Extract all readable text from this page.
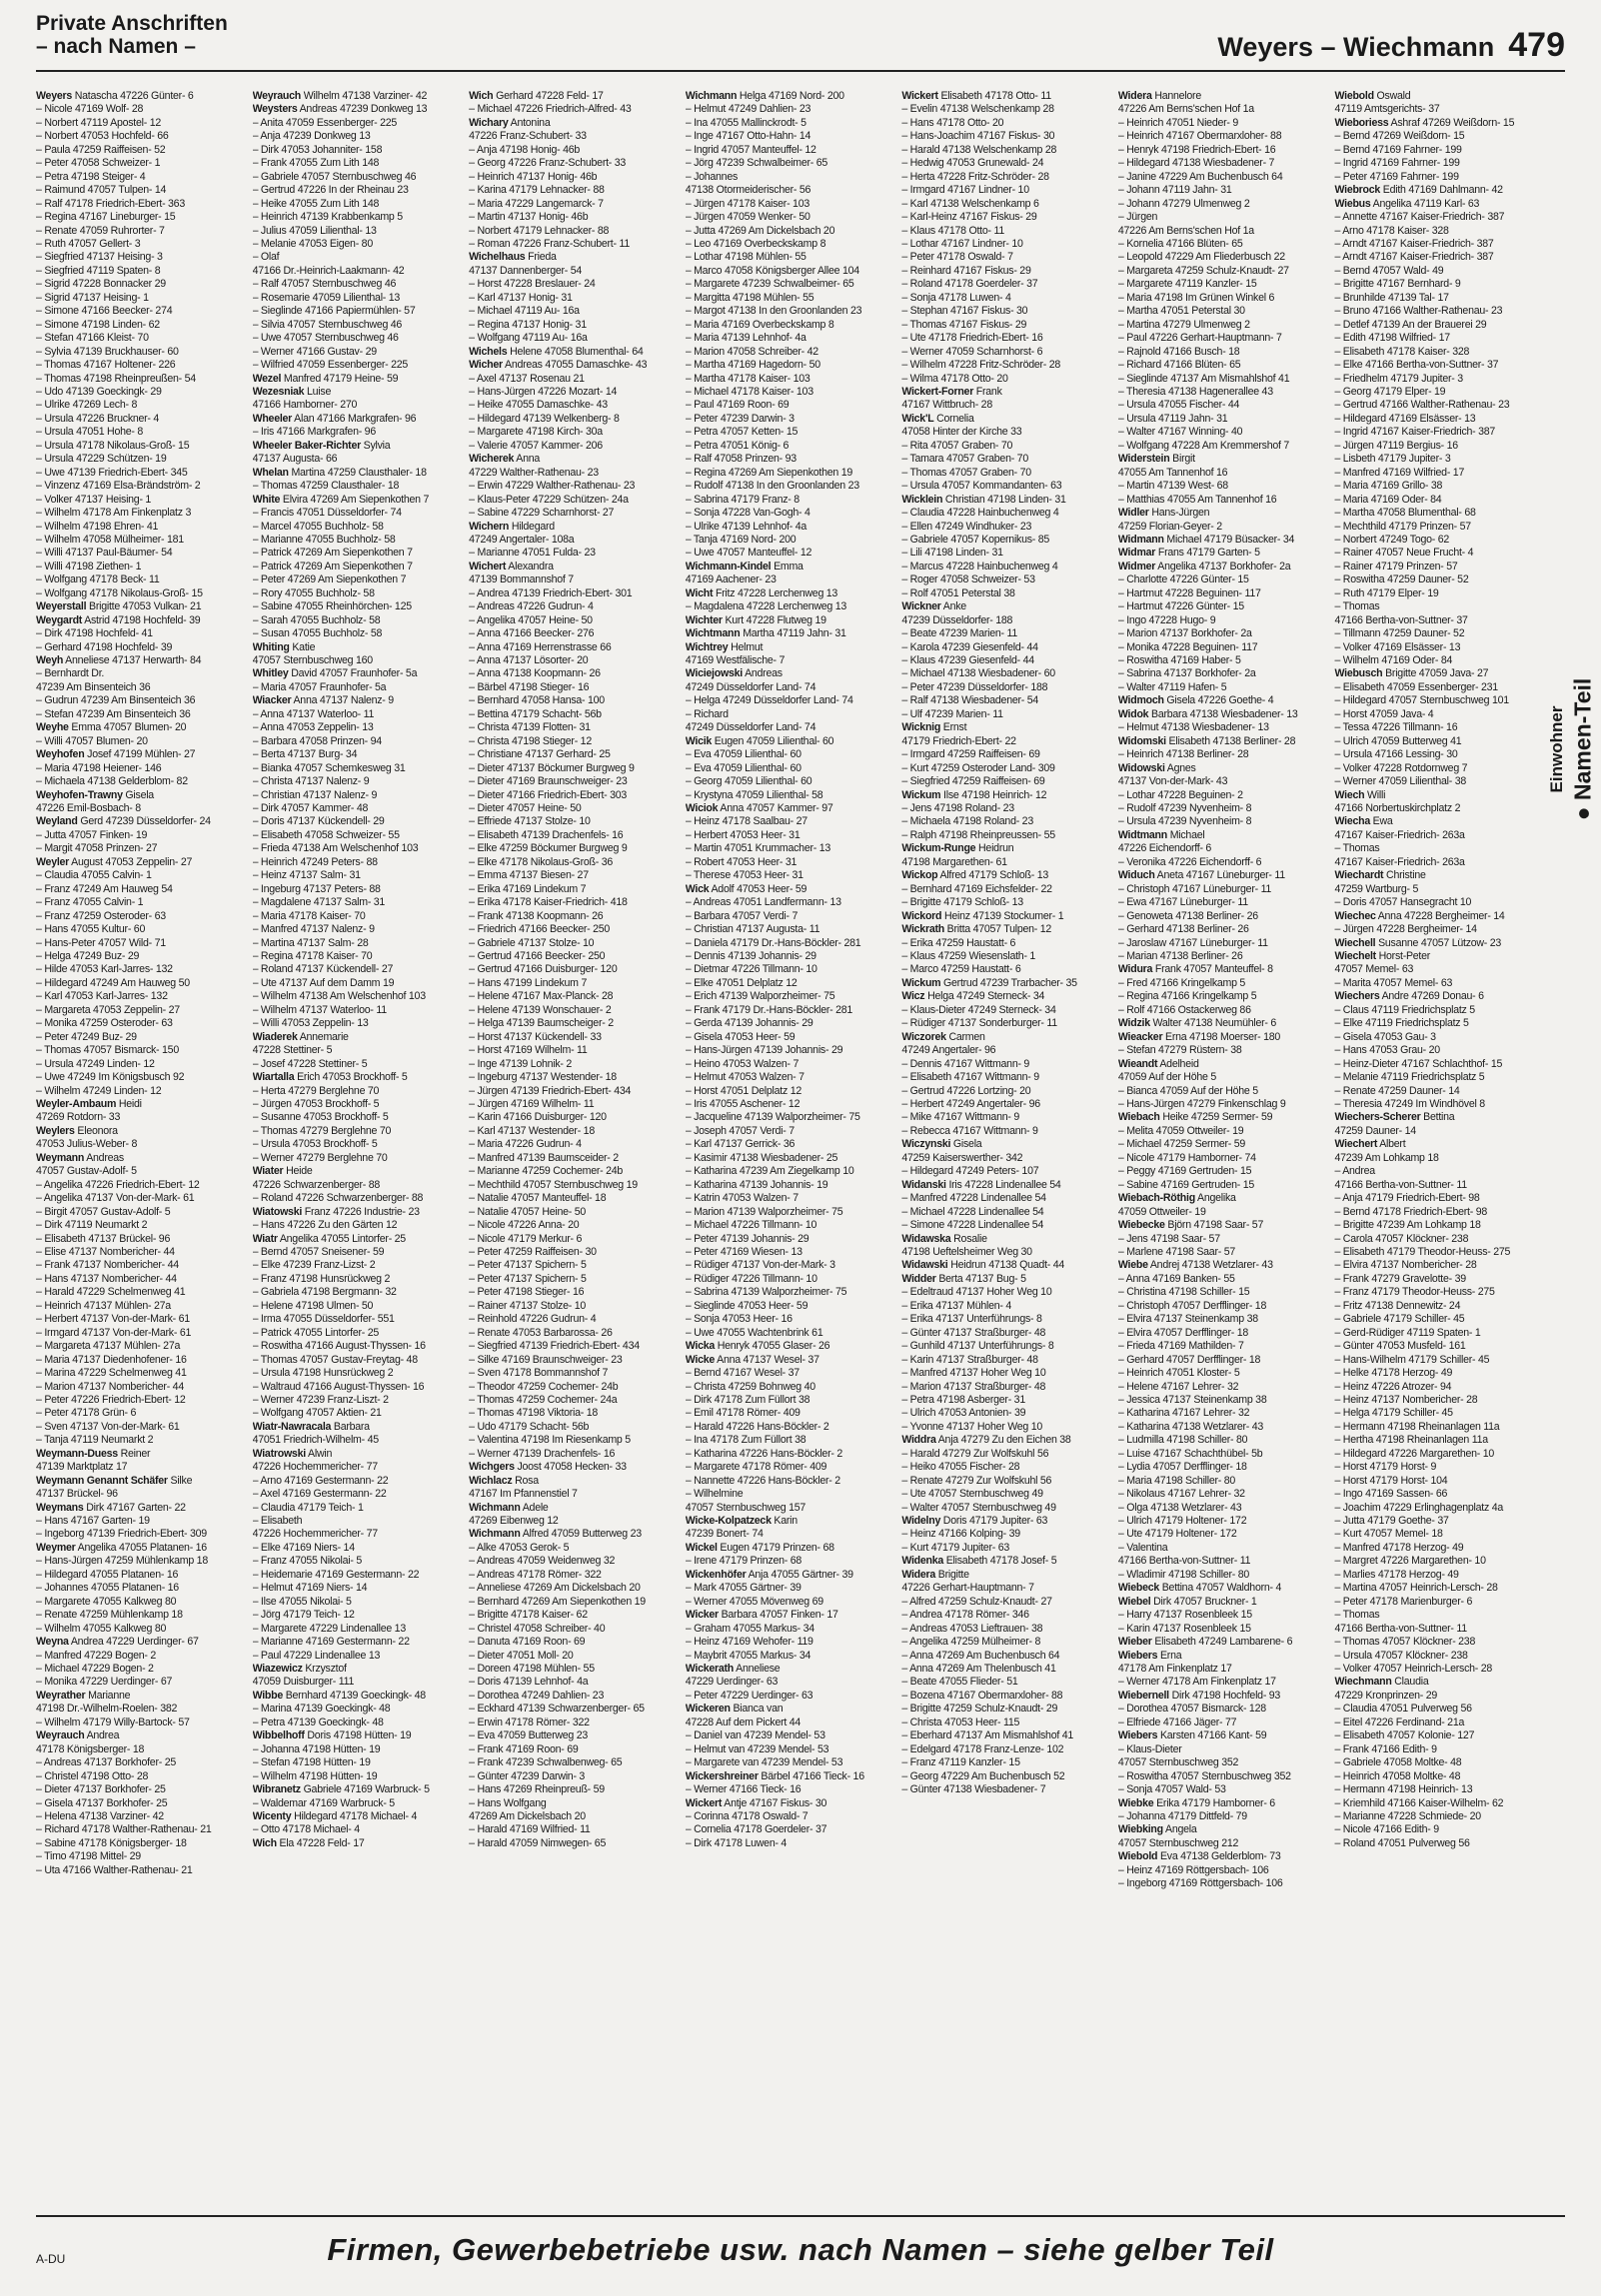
Private Anschriften
– nach Namen –	Weyers – Wiechmann 479
Weyers Natascha 47226 Günter- 6
– Nicole 47169 Wolf- 28
– Norbert 47119 Apostel- 12
– Norbert 47053 Hochfeld- 66
– Paula 47259 Raiffeisen- 52
– Peter 47058 Schweizer- 1
– Petra 47198 Steiger- 4
– Raimund 47057 Tulpen- 14
– Ralf 47178 Friedrich-Ebert- 363
– Regina 47167 Lineburger- 15
– Renate 47059 Ruhrorter- 7
– Ruth 47057 Gellert- 3
– Siegfried 47137 Heising- 3
– Siegfried 47119 Spaten- 8
– Sigrid 47228 Bonnacker 29
– Sigrid 47137 Heising- 1
– Simone 47166 Beecker- 274
– Simone 47198 Linden- 62
– Stefan 47166 Kleist- 70
– Sylvia 47139 Bruckhauser- 60
– Thomas 47167 Holtener- 226
– Thomas 47198 Rheinpreußen- 54
– Udo 47139 Goeckingk- 29
– Ulrike 47269 Lech- 8
– Ursula 47226 Bruckner- 4
– Ursula 47051 Hohe- 8
– Ursula 47178 Nikolaus-Groß- 15
– Ursula 47229 Schützen- 19
– Uwe 47139 Friedrich-Ebert- 345
– Vinzenz 47169 Elsa-Brändström- 2
– Volker 47137 Heising- 1
– Wilhelm 47178 Am Finkenplatz 3
– Wilhelm 47198 Ehren- 41
– Wilhelm 47058 Mülheimer- 181
– Willi 47137 Paul-Bäumer- 54
– Willi 47198 Ziethen- 1
– Wolfgang 47178 Beck- 11
– Wolfgang 47178 Nikolaus-Groß- 15
Weyerstall Brigitte 47053 Vulkan- 21
Weygardt Astrid 47198 Hochfeld- 39
– Dirk 47198 Hochfeld- 41
– Gerhard 47198 Hochfeld- 39
Weyh Anneliese 47137 Herwarth- 84
– Bernhardt Dr.
47239 Am Binsenteich 36
– Gudrun 47239 Am Binsenteich 36
– Stefan 47239 Am Binsenteich 36
Weyhe Emma 47057 Blumen- 20
– Willi 47057 Blumen- 20
Weyhofen Josef 47199 Mühlen- 27
– Maria 47198 Heiener- 146
– Michaela 47138 Gelderblom- 82
Weyhofen-Trawny Gisela
47226 Emil-Bosbach- 8
Weyland Gerd 47239 Düsseldorfer- 24
– Jutta 47057 Finken- 19
– Margit 47058 Prinzen- 27
Weyler August 47053 Zeppelin- 27
– Claudia 47055 Calvin- 1
– Franz 47249 Am Hauweg 54
– Franz 47055 Calvin- 1
– Franz 47259 Osteroder- 63
– Hans 47055 Kultur- 60
– Hans-Peter 47057 Wild- 71
– Helga 47249 Buz- 29
– Hilde 47053 Karl-Jarres- 132
– Hildegard 47249 Am Hauweg 50
– Karl 47053 Karl-Jarres- 132
– Margareta 47053 Zeppelin- 27
– Monika 47259 Osteroder- 63
– Peter 47249 Buz- 29
– Thomas 47057 Bismarck- 150
– Ursula 47249 Linden- 12
– Uwe 47249 Im Königsbusch 92
– Wilhelm 47249 Linden- 12
Weyler-Ambaum Heidi
47269 Rotdorn- 33
Weylers Eleonora
47053 Julius-Weber- 8
Weymann Andreas
47057 Gustav-Adolf- 5
– Angelika 47226 Friedrich-Ebert- 12
– Angelika 47137 Von-der-Mark- 61
– Birgit 47057 Gustav-Adolf- 5
– Dirk 47119 Neumarkt 2
– Elisabeth 47137 Brückel- 96
– Elise 47137 Nombericher- 44
– Frank 47137 Nombericher- 44
– Hans 47137 Nombericher- 44
– Harald 47229 Schelmenweg 41
– Heinrich 47137 Mühlen- 27a
– Herbert 47137 Von-der-Mark- 61
– Irmgard 47137 Von-der-Mark- 61
– Margareta 47137 Mühlen- 27a
– Maria 47137 Diedenhofener- 16
– Marina 47229 Schelmenweg 41
– Marion 47137 Nombericher- 44
– Peter 47226 Friedrich-Ebert- 12
– Peter 47178 Grün- 6
– Sven 47137 Von-der-Mark- 61
– Tanja 47119 Neumarkt 2
Weymann-Duess Reiner
47139 Marktplatz 17
Weymann Genannt Schäfer Silke
47137 Brückel- 96
Weymans Dirk 47167 Garten- 22
– Hans 47167 Garten- 19
– Ingeborg 47139 Friedrich-Ebert- 309
Weymer Angelika 47055 Platanen- 16
– Hans-Jürgen 47259 Mühlenkamp 18
– Hildegard 47055 Platanen- 16
– Johannes 47055 Platanen- 16
– Margarete 47055 Kalkweg 80
– Renate 47259 Mühlenkamp 18
– Wilhelm 47055 Kalkweg 80
Weyna Andrea 47229 Uerdinger- 67
– Manfred 47229 Bogen- 2
– Michael 47229 Bogen- 2
– Monika 47229 Uerdinger- 67
Weyrather Marianne
47198 Dr.-Wilhelm-Roelen- 382
– Wilhelm 47179 Willy-Bartock- 57
Weyrauch Andrea
47178 Königsberger- 18
– Andreas 47137 Borkhofer- 25
– Christel 47198 Otto- 28
– Dieter 47137 Borkhofer- 25
– Gisela 47137 Borkhofer- 25
– Helena 47138 Varziner- 42
– Richard 47178 Walther-Rathenau- 21
– Sabine 47178 Königsberger- 18
– Timo 47198 Mittel- 29
– Uta 47166 Walther-Rathenau- 21
Weyrauch Wilhelm 47138 Varziner- 42
Weysters Andreas 47239 Donkweg 13
– Anita 47059 Essenberger- 225
– Anja 47239 Donkweg 13
– Dirk 47053 Johanniter- 158
– Frank 47055 Zum Lith 148
– Gabriele 47057 Sternbuschweg 46
– Gertrud 47226 In der Rheinau 23
– Heike 47055 Zum Lith 148
– Heinrich 47139 Krabbenkamp 5
– Julius 47059 Lilienthal- 13
– Melanie 47053 Eigen- 80
– Olaf
47166 Dr.-Heinrich-Laakmann- 42
– Ralf 47057 Sternbuschweg 46
– Rosemarie 47059 Lilienthal- 13
– Sieglinde 47166 Papiermühlen- 57
– Silvia 47057 Sternbuschweg 46
– Uwe 47057 Sternbuschweg 46
– Werner 47166 Gustav- 29
– Wilfried 47059 Essenberger- 225
Wezel Manfred 47179 Heine- 59
Wezesniak Luise
47166 Hamborner- 270
Wheeler Alan 47166 Markgrafen- 96
– Iris 47166 Markgrafen- 96
Wheeler Baker-Richter Sylvia
47137 Augusta- 66
Whelan Martina 47259 Clausthaler- 18
– Thomas 47259 Clausthaler- 18
White Elvira 47269 Am Siepenkothen 7
– Francis 47051 Düsseldorfer- 74
– Marcel 47055 Buchholz- 58
– Marianne 47055 Buchholz- 58
– Patrick 47269 Am Siepenkothen 7
– Patrick 47269 Am Siepenkothen 7
– Peter 47269 Am Siepenkothen 7
– Rory 47055 Buchholz- 58
– Sabine 47055 Rheinhörchen- 125
– Sarah 47055 Buchholz- 58
– Susan 47055 Buchholz- 58
Whiting Katie
47057 Sternbuschweg 160
Whitley David 47057 Fraunhofer- 5a
– Maria 47057 Fraunhofer- 5a
Wiacker Anna 47137 Nalenz- 9
– Anna 47137 Waterloo- 11
– Anna 47053 Zeppelin- 13
– Barbara 47058 Prinzen- 94
– Berta 47137 Burg- 34
– Bianka 47057 Schemkesweg 31
– Christa 47137 Nalenz- 9
– Christian 47137 Nalenz- 9
– Dirk 47057 Kammer- 48
– Doris 47137 Kückendell- 29
– Elisabeth 47058 Schweizer- 55
– Frieda 47138 Am Welschenhof 103
– Heinrich 47249 Peters- 88
– Heinz 47137 Salm- 31
– Ingeburg 47137 Peters- 88
– Magdalene 47137 Salm- 31
– Maria 47178 Kaiser- 70
– Manfred 47137 Nalenz- 9
– Martina 47137 Salm- 28
– Regina 47178 Kaiser- 70
– Roland 47137 Kückendell- 27
– Ute 47137 Auf dem Damm 19
– Wilhelm 47138 Am Welschenhof 103
– Wilhelm 47137 Waterloo- 11
– Willi 47053 Zeppelin- 13
Wiaderek Annemarie
47228 Stettiner- 5
– Josef 47228 Stettiner- 5
Wiartalla Erich 47053 Brockhoff- 5
– Herta 47279 Berglehne 70
– Jürgen 47053 Brockhoff- 5
– Susanne 47053 Brockhoff- 5
– Thomas 47279 Berglehne 70
– Ursula 47053 Brockhoff- 5
– Werner 47279 Berglehne 70
Wiater Heide
47226 Schwarzenberger- 88
– Roland 47226 Schwarzenberger- 88
Wiatowski Franz 47226 Industrie- 23
– Hans 47226 Zu den Gärten 12
Wiatr Angelika 47055 Lintorfer- 25
– Bernd 47057 Sneisener- 59
– Elke 47239 Franz-Lizst- 2
– Franz 47198 Hunsrückweg 2
– Gabriela 47198 Bergmann- 32
– Helene 47198 Ulmen- 50
– Irma 47055 Düsseldorfer- 551
– Patrick 47055 Lintorfer- 25
– Roswitha 47166 August-Thyssen- 16
– Thomas 47057 Gustav-Freytag- 48
– Ursula 47198 Hunsrückweg 2
– Waltraud 47166 August-Thyssen- 16
– Werner 47239 Franz-Liszt- 2
– Wolfgang 47057 Aktien- 21
Wiatr-Nawracala Barbara
47051 Friedrich-Wilhelm- 45
Wiatrowski Alwin
47226 Hochemmericher- 77
– Arno 47169 Gestermann- 22
– Axel 47169 Gestermann- 22
– Claudia 47179 Teich- 1
– Elisabeth
47226 Hochemmericher- 77
– Elke 47169 Niers- 14
– Franz 47055 Nikolai- 5
– Heidemarie 47169 Gestermann- 22
– Helmut 47169 Niers- 14
– Ilse 47055 Nikolai- 5
– Jörg 47179 Teich- 12
– Margarete 47229 Lindenallee 13
– Marianne 47169 Gestermann- 22
– Paul 47229 Lindenallee 13
Wiazewicz Krzysztof
47059 Duisburger- 111
Wibbe Bernhard 47139 Goeckingk- 48
– Marina 47139 Goeckingk- 48
– Petra 47139 Goeckingk- 48
Wibbelhoff Doris 47198 Hütten- 19
– Johanna 47198 Hütten- 19
– Stefan 47198 Hütten- 19
– Wilhelm 47198 Hütten- 19
Wibranetz Gabriele 47169 Warbruck- 5
– Waldemar 47169 Warbruck- 5
Wicenty Hildegard 47178 Michael- 4
– Otto 47178 Michael- 4
Wich Ela 47228 Feld- 17
Wich Gerhard 47228 Feld- 17
– Michael 47226 Friedrich-Alfred- 43
Wichary Antonina
47226 Franz-Schubert- 33
– Anja 47198 Honig- 46b
– Georg 47226 Franz-Schubert- 33
– Heinrich 47137 Honig- 46b
– Karina 47179 Lehnacker- 88
– Maria 47229 Langemarck- 7
– Martin 47137 Honig- 46b
– Norbert 47179 Lehnacker- 88
– Roman 47226 Franz-Schubert- 11
Wichelhaus Frieda
47137 Dannenberger- 54
– Horst 47228 Breslauer- 24
– Karl 47137 Honig- 31
– Michael 47119 Au- 16a
– Regina 47137 Honig- 31
– Wolfgang 47119 Au- 16a
Wichels Helene 47058 Blumenthal- 64
Wicher Andreas 47055 Damaschke- 43
– Axel 47137 Rosenau 21
– Hans-Jürgen 47226 Mozart- 14
– Heike 47055 Damaschke- 43
– Hildegard 47139 Welkenberg- 8
– Margarete 47198 Kirch- 30a
– Valerie 47057 Kammer- 206
Wicherek Anna
47229 Walther-Rathenau- 23
– Erwin 47229 Walther-Rathenau- 23
– Klaus-Peter 47229 Schützen- 24a
– Sabine 47229 Scharnhorst- 27
Wichern Hildegard
47249 Angertaler- 108a
– Marianne 47051 Fulda- 23
Wichert Alexandra
47139 Bommannshof 7
– Andrea 47139 Friedrich-Ebert- 301
– Andreas 47226 Gudrun- 4
– Angelika 47057 Heine- 50
– Anna 47166 Beecker- 276
– Anna 47169 Herrenstrasse 66
– Anna 47137 Lösorter- 20
– Anna 47138 Koopmann- 26
– Bärbel 47198 Stieger- 16
– Bernhard 47058 Hansa- 100
– Bettina 47179 Schacht- 56b
– Christa 47139 Flotten- 31
– Christa 47198 Stieger- 12
– Christiane 47137 Gerhard- 25
– Dieter 47137 Böckumer Burgweg 9
– Dieter 47169 Braunschweiger- 23
– Dieter 47166 Friedrich-Ebert- 303
– Dieter 47057 Heine- 50
– Effriede 47137 Stolze- 10
– Elisabeth 47139 Drachenfels- 16
– Elke 47259 Böckumer Burgweg 9
– Elke 47178 Nikolaus-Groß- 36
– Emma 47137 Biesen- 27
– Erika 47169 Lindekum 7
– Erika 47178 Kaiser-Friedrich- 418
– Frank 47138 Koopmann- 26
– Friedrich 47166 Beecker- 250
– Gabriele 47137 Stolze- 10
– Gertrud 47166 Beecker- 250
– Gertrud 47166 Duisburger- 120
– Hans 47199 Lindekum 7
– Helene 47167 Max-Planck- 28
– Helene 47139 Wonschauer- 2
– Helga 47139 Baumscheiger- 2
– Horst 47137 Kückendell- 33
– Horst 47169 Wilhelm- 11
– Inge 47139 Lohnik- 2
– Ingeburg 47137 Westender- 18
– Jürgen 47139 Friedrich-Ebert- 434
– Jürgen 47169 Wilhelm- 11
– Karin 47166 Duisburger- 120
– Karl 47137 Westender- 18
– Maria 47226 Gudrun- 4
– Manfred 47139 Baumsceider- 2
– Marianne 47259 Cochemer- 24b
– Mechthild 47057 Sternbuschweg 19
– Natalie 47057 Manteuffel- 18
– Natalie 47057 Heine- 50
– Nicole 47226 Anna- 20
– Nicole 47179 Merkur- 6
– Peter 47259 Raiffeisen- 30
– Peter 47137 Spichern- 5
– Peter 47137 Spichern- 5
– Peter 47198 Stieger- 16
– Rainer 47137 Stolze- 10
– Reinhold 47226 Gudrun- 4
– Renate 47053 Barbarossa- 26
– Siegfried 47139 Friedrich-Ebert- 434
– Silke 47169 Braunschweiger- 23
– Sven 47178 Bommannshof 7
– Theodor 47259 Cochemer- 24b
– Thomas 47259 Cochemer- 24a
– Thomas 47198 Viktoria- 18
– Udo 47179 Schacht- 56b
– Valentina 47198 Im Riesenkamp 5
– Werner 47139 Drachenfels- 16
Wichgers Joost 47058 Hecken- 33
Wichlacz Rosa
47167 Im Pfannenstiel 7
Wichmann Adele
47269 Eibenweg 12
Wichmann Alfred 47059 Butterweg 23
– Alke 47053 Gerok- 5
– Andreas 47059 Weidenweg 32
– Andreas 47178 Römer- 322
– Anneliese 47269 Am Dickelsbach 20
– Bernhard 47269 Am Siepenkothen 19
– Brigitte 47178 Kaiser- 62
– Christel 47058 Schreiber- 40
– Danuta 47169 Roon- 69
– Dieter 47051 Moll- 20
– Doreen 47198 Mühlen- 55
– Doris 47139 Lehnhof- 4a
– Dorothea 47249 Dahlien- 23
– Eckhard 47139 Schwarzenberger- 65
– Erwin 47178 Römer- 322
– Eva 47059 Butterweg 23
– Frank 47169 Roon- 69
– Frank 47239 Schwalbenweg- 65
– Günter 47239 Darwin- 3
– Hans 47269 Rheinpreuß- 59
– Hans Wolfgang
47269 Am Dickelsbach 20
– Harald 47169 Wilfried- 11
– Harald 47059 Nimwegen- 65
Wichmann Helga 47169 Nord- 200
– Helmut 47249 Dahlien- 23
– Ina 47055 Mallinckrodt- 5
– Inge 47167 Otto-Hahn- 14
– Ingrid 47057 Manteuffel- 12
– Jörg 47239 Schwalbeimer- 65
– Johannes
47138 Otormeiderischer- 56
– Jürgen 47178 Kaiser- 103
– Jürgen 47059 Wenker- 50
– Jutta 47269 Am Dickelsbach 20
– Leo 47169 Overbeckskamp 8
– Lothar 47198 Mühlen- 55
– Marco 47058 Königsberger Allee 104
– Margarete 47239 Schwalbeimer- 65
– Margitta 47198 Mühlen- 55
– Margot 47138 In den Groonlanden 23
– Maria 47169 Overbeckskamp 8
– Maria 47139 Lehnhof- 4a
– Marion 47058 Schreiber- 42
– Martha 47169 Hagedorn- 50
– Martha 47178 Kaiser- 103
– Michael 47178 Kaiser- 103
– Paul 47169 Roon- 69
– Peter 47239 Darwin- 3
– Petra 47057 Ketten- 15
– Petra 47051 König- 6
– Ralf 47058 Prinzen- 93
– Regina 47269 Am Siepenkothen 19
– Rudolf 47138 In den Groonlanden 23
– Sabrina 47179 Franz- 8
– Sonja 47228 Van-Gogh- 4
– Ulrike 47139 Lehnhof- 4a
– Tanja 47169 Nord- 200
– Uwe 47057 Manteuffel- 12
Wichmann-Kindel Emma
47169 Aachener- 23
Wicht Fritz 47228 Lerchenweg 13
– Magdalena 47228 Lerchenweg 13
Wichter Kurt 47228 Flutweg 19
Wichtmann Martha 47119 Jahn- 31
Wichtrey Helmut
47169 Westfälische- 7
Wiciejowski Andreas
47249 Düsseldorfer Land- 74
– Helga 47249 Düsseldorfer Land- 74
– Richard
47249 Düsseldorfer Land- 74
Wicik Eugen 47059 Lilienthal- 60
– Eva 47059 Lilienthal- 60
– Eva 47059 Lilienthal- 60
– Georg 47059 Lilienthal- 60
– Krystyna 47059 Lilienthal- 58
Wiciok Anna 47057 Kammer- 97
– Heinz 47178 Saalbau- 27
– Herbert 47053 Heer- 31
– Martin 47051 Krummacher- 13
– Robert 47053 Heer- 31
– Therese 47053 Heer- 31
Wick Adolf 47053 Heer- 59
– Andreas 47051 Landfermann- 13
– Barbara 47057 Verdi- 7
– Christian 47137 Augusta- 11
– Daniela 47179 Dr.-Hans-Böckler- 281
– Dennis 47139 Johannis- 29
– Dietmar 47226 Tillmann- 10
– Elke 47051 Delplatz 12
– Erich 47139 Walporzheimer- 75
– Frank 47179 Dr.-Hans-Böckler- 281
– Gerda 47139 Johannis- 29
– Gisela 47053 Heer- 59
– Hans-Jürgen 47139 Johannis- 29
– Heino 47053 Walzen- 7
– Helmut 47053 Walzen- 7
– Horst 47051 Delplatz 12
– Iris 47055 Aschener- 12
– Jacqueline 47139 Walporzheimer- 75
– Joseph 47057 Verdi- 7
– Karl 47137 Gerrick- 36
– Kasimir 47138 Wiesbadener- 25
– Katharina 47239 Am Ziegelkamp 10
– Katharina 47139 Johannis- 19
– Katrin 47053 Walzen- 7
– Marion 47139 Walporzheimer- 75
– Michael 47226 Tillmann- 10
– Peter 47139 Johannis- 29
– Peter 47169 Wiesen- 13
– Rüdiger 47137 Von-der-Mark- 3
– Rüdiger 47226 Tillmann- 10
– Sabrina 47139 Walporzheimer- 75
– Sieglinde 47053 Heer- 59
– Sonja 47053 Heer- 16
– Uwe 47055 Wachtenbrink 61
Wicka Henryk 47055 Glaser- 26
Wicke Anna 47137 Wesel- 37
– Bernd 47167 Wesel- 37
– Christa 47259 Bohnweg 40
– Dirk 47178 Zum Füllort 38
– Emil 47178 Römer- 409
– Harald 47226 Hans-Böckler- 2
– Ina 47178 Zum Füllort 38
– Katharina 47226 Hans-Böckler- 2
– Margarete 47178 Römer- 409
– Nannette 47226 Hans-Böckler- 2
– Wilhelmine
47057 Sternbuschweg 157
Wicke-Kolpatzeck Karin
47239 Bonert- 74
Wickel Eugen 47179 Prinzen- 68
– Irene 47179 Prinzen- 68
Wickenhöfer Anja 47055 Gärtner- 39
– Mark 47055 Gärtner- 39
– Werner 47055 Mövenweg 69
Wicker Barbara 47057 Finken- 17
– Graham 47055 Markus- 34
– Heinz 47169 Wehofer- 119
– Maybrit 47055 Markus- 34
Wickerath Anneliese
47229 Uerdinger- 63
– Peter 47229 Uerdinger- 63
Wickeren Bianca van
47228 Auf dem Pickert 44
– Daniel van 47239 Mendel- 53
– Helmut van 47239 Mendel- 53
– Margarete van 47239 Mendel- 53
Wickershreiner Bärbel 47166 Tieck- 16
– Werner 47166 Tieck- 16
Wickert Antje 47167 Fiskus- 30
– Corinna 47178 Oswald- 7
– Cornelia 47178 Goerdeler- 37
– Dirk 47178 Luwen- 4
Wickert Elisabeth 47178 Otto- 11
– Evelin 47138 Welschenkamp 28
– Hans 47178 Otto- 20
– Hans-Joachim 47167 Fiskus- 30
– Harald 47138 Welschenkamp 28
– Hedwig 47053 Grunewald- 24
– Herta 47228 Fritz-Schröder- 28
– Irmgard 47167 Lindner- 10
– Karl 47138 Welschenkamp 6
– Karl-Heinz 47167 Fiskus- 29
– Klaus 47178 Otto- 11
– Lothar 47167 Lindner- 10
– Peter 47178 Oswald- 7
– Reinhard 47167 Fiskus- 29
– Roland 47178 Goerdeler- 37
– Sonja 47178 Luwen- 4
– Stephan 47167 Fiskus- 30
– Thomas 47167 Fiskus- 29
– Ute 47178 Friedrich-Ebert- 16
– Werner 47059 Scharnhorst- 6
– Wilhelm 47228 Fritz-Schröder- 28
– Wilma 47178 Otto- 20
Wickert-Forner Frank
47167 Wittbruch- 28
Wick'L Cornelia
47058 Hinter der Kirche 33
– Rita 47057 Graben- 70
– Tamara 47057 Graben- 70
– Thomas 47057 Graben- 70
– Ursula 47057 Kommandanten- 63
Wicklein Christian 47198 Linden- 31
– Claudia 47228 Hainbuchenweg 4
– Ellen 47249 Windhuker- 23
– Gabriele 47057 Kopernikus- 85
– Lili 47198 Linden- 31
– Marcus 47228 Hainbuchenweg 4
– Roger 47058 Schweizer- 53
– Rolf 47051 Peterstal 38
Wickner Anke
47239 Düsseldorfer- 188
– Beate 47239 Marien- 11
– Karola 47239 Giesenfeld- 44
– Klaus 47239 Giesenfeld- 44
– Michael 47138 Wiesbadener- 60
– Peter 47239 Düsseldorfer- 188
– Ralf 47138 Wiesbadener- 54
– Ulf 47239 Marien- 11
Wicknig Ernst
47179 Friedrich-Ebert- 22
– Irmgard 47259 Raiffeisen- 69
– Kurt 47259 Osteroder Land- 309
– Siegfried 47259 Raiffeisen- 69
Wickum Ilse 47198 Heinrich- 12
– Jens 47198 Roland- 23
– Michaela 47198 Roland- 23
– Ralph 47198 Rheinpreussen- 55
Wickum-Runge Heidrun
47198 Margarethen- 61
Wickop Alfred 47179 Schloß- 13
– Bernhard 47169 Eichsfelder- 22
– Brigitte 47179 Schloß- 13
Wickord Heinz 47139 Stockumer- 1
Wickrath Britta 47057 Tulpen- 12
– Erika 47259 Haustatt- 6
– Klaus 47259 Wiesenslath- 1
– Marco 47259 Haustatt- 6
Wickum Gertrud 47239 Trarbacher- 35
Wicz Helga 47249 Sterneck- 34
– Klaus-Dieter 47249 Sterneck- 34
– Rüdiger 47137 Sonderburger- 11
Wiczorek Carmen
47249 Angertaler- 96
– Dennis 47167 Wittmann- 9
– Elisabeth 47167 Wittmann- 9
– Gertrud 47226 Lortzing- 20
– Herbert 47249 Angertaler- 96
– Mike 47167 Wittmann- 9
– Rebecca 47167 Wittmann- 9
Wiczynski Gisela
47259 Kaiserswerther- 342
– Hildegard 47249 Peters- 107
Widanski Iris 47228 Lindenallee 54
– Manfred 47228 Lindenallee 54
– Michael 47228 Lindenallee 54
– Simone 47228 Lindenallee 54
Widawska Rosalie
47198 Ueftelsheimer Weg 30
Widawski Heidrun 47138 Quadt- 44
Widder Berta 47137 Bug- 5
– Edeltraud 47137 Hoher Weg 10
– Erika 47137 Mühlen- 4
– Erika 47137 Unterführungs- 8
– Günter 47137 Straßburger- 48
– Gunhild 47137 Unterführungs- 8
– Karin 47137 Straßburger- 48
– Manfred 47137 Hoher Weg 10
– Marion 47137 Straßburger- 48
– Petra 47198 Asberger- 31
– Ulrich 47053 Antonien- 39
– Yvonne 47137 Hoher Weg 10
Widdra Anja 47279 Zu den Eichen 38
– Harald 47279 Zur Wolfskuhl 56
– Heiko 47055 Fischer- 28
– Renate 47279 Zur Wolfskuhl 56
– Ute 47057 Sternbuschweg 49
– Walter 47057 Sternbuschweg 49
Widelny Doris 47179 Jupiter- 63
– Heinz 47166 Kolping- 39
– Kurt 47179 Jupiter- 63
Widenka Elisabeth 47178 Josef- 5
Widera Brigitte
47226 Gerhart-Hauptmann- 7
– Alfred 47259 Schulz-Knaudt- 27
– Andrea 47178 Römer- 346
– Andreas 47053 Lieftrauen- 38
– Angelika 47259 Mülheimer- 8
– Anna 47269 Am Buchenbusch 64
– Anna 47269 Am Thelenbusch 41
– Beate 47055 Flieder- 51
– Bozena 47167 Obermarxloher- 88
– Brigitte 47259 Schulz-Knaudt- 29
– Christa 47053 Heer- 115
– Eberhard 47137 Am Mismahlshof 41
– Edelgard 47178 Franz-Lenze- 102
– Franz 47119 Kanzler- 15
– Georg 47229 Am Buchenbusch 52
– Günter 47138 Wiesbadener- 7
Widera Hannelore
47226 Am Berns'schen Hof 1a
– Heinrich 47051 Nieder- 9
– Heinrich 47167 Obermarxloher- 88
– Henryk 47198 Friedrich-Ebert- 16
– Hildegard 47138 Wiesbadener- 7
– Janine 47229 Am Buchenbusch 64
– Johann 47119 Jahn- 31
– Johann 47279 Ulmenweg 2
– Jürgen
47226 Am Berns'schen Hof 1a
– Kornelia 47166 Blüten- 65
– Leopold 47229 Am Fliederbusch 22
– Margareta 47259 Schulz-Knaudt- 27
– Margarete 47119 Kanzler- 15
– Maria 47198 Im Grünen Winkel 6
– Martha 47051 Peterstal 30
– Martina 47279 Ulmenweg 2
– Paul 47226 Gerhart-Hauptmann- 7
– Rajnold 47166 Busch- 18
– Richard 47166 Blüten- 65
– Sieglinde 47137 Am Mismahlshof 41
– Theresia 47138 Hagenerallee 43
– Ursula 47055 Fischer- 44
– Ursula 47119 Jahn- 31
– Walter 47167 Winning- 40
– Wolfgang 47228 Am Kremmershof 7
Widerstein Birgit
47055 Am Tannenhof 16
– Martin 47139 West- 68
– Matthias 47055 Am Tannenhof 16
Widler Hans-Jürgen
47259 Florian-Geyer- 2
Widmann Michael 47179 Büsacker- 34
Widmar Frans 47179 Garten- 5
Widmer Angelika 47137 Borkhofer- 2a
– Charlotte 47226 Günter- 15
– Hartmut 47228 Beguinen- 117
– Hartmut 47226 Günter- 15
– Ingo 47228 Hugo- 9
– Marion 47137 Borkhofer- 2a
– Monika 47228 Beguinen- 117
– Roswitha 47169 Haber- 5
– Sabrina 47137 Borkhofer- 2a
– Walter 47119 Hafen- 5
Widmoch Gisela 47226 Goethe- 4
Widok Barbara 47138 Wiesbadener- 13
– Helmut 47138 Wiesbadener- 13
Widomski Elisabeth 47138 Berliner- 28
– Heinrich 47138 Berliner- 28
Widowski Agnes
47137 Von-der-Mark- 43
– Lothar 47228 Beguinen- 2
– Rudolf 47239 Nyvenheim- 8
– Ursula 47239 Nyvenheim- 8
Widtmann Michael
47226 Eichendorff- 6
– Veronika 47226 Eichendorff- 6
Widuch Aneta 47167 Lüneburger- 11
– Christoph 47167 Lüneburger- 11
– Ewa 47167 Lüneburger- 11
– Genoweta 47138 Berliner- 26
– Gerhard 47138 Berliner- 26
– Jaroslaw 47167 Lüneburger- 11
– Marian 47138 Berliner- 26
Widura Frank 47057 Manteuffel- 8
– Fred 47166 Kringelkamp 5
– Regina 47166 Kringelkamp 5
– Rolf 47166 Ostackerweg 86
Widzik Walter 47138 Neumühler- 6
Wieacker Erna 47198 Moerser- 180
– Stefan 47279 Rüstern- 38
Wieandt Adelheid
47059 Auf der Höhe 5
– Bianca 47059 Auf der Höhe 5
– Hans-Jürgen 47279 Finkenschlag 9
Wiebach Heike 47259 Sermer- 59
– Melita 47059 Ottweiler- 19
– Michael 47259 Sermer- 59
– Nicole 47179 Hamborner- 74
– Peggy 47169 Gertruden- 15
– Sabine 47169 Gertruden- 15
Wiebach-Röthig Angelika
47059 Ottweiler- 19
Wiebecke Björn 47198 Saar- 57
– Jens 47198 Saar- 57
– Marlene 47198 Saar- 57
Wiebe Andrej 47138 Wetzlarer- 43
– Anna 47169 Banken- 55
– Christina 47198 Schiller- 15
– Christoph 47057 Derfflinger- 18
– Elvira 47137 Steinenkamp 38
– Elvira 47057 Derfflinger- 18
– Frieda 47169 Mathilden- 7
– Gerhard 47057 Derfflinger- 18
– Heinrich 47051 Kloster- 5
– Helene 47167 Lehrer- 32
– Jessica 47137 Steinenkamp 38
– Katharina 47167 Lehrer- 32
– Katharina 47138 Wetzlarer- 43
– Ludmilla 47198 Schiller- 80
– Luise 47167 Schachthübel- 5b
– Lydia 47057 Derfflinger- 18
– Maria 47198 Schiller- 80
– Nikolaus 47167 Lehrer- 32
– Olga 47138 Wetzlarer- 43
– Ulrich 47179 Holtener- 172
– Ute 47179 Holtener- 172
– Valentina
47166 Bertha-von-Suttner- 11
– Wladimir 47198 Schiller- 80
Wiebeck Bettina 47057 Waldhorn- 4
Wiebel Dirk 47057 Bruckner- 1
– Harry 47137 Rosenbleek 15
– Karin 47137 Rosenbleek 15
Wieber Elisabeth 47249 Lambarene- 6
Wiebers Erna
47178 Am Finkenplatz 17
– Werner 47178 Am Finkenplatz 17
Wiebernell Dirk 47198 Hochfeld- 93
– Dorothea 47057 Bismarck- 128
– Elfriede 47166 Jäger- 77
Wiebers Karsten 47166 Kant- 59
– Klaus-Dieter
47057 Sternbuschweg 352
– Roswitha 47057 Sternbuschweg 352
– Sonja 47057 Wald- 53
Wiebke Erika 47179 Hamborner- 6
– Johanna 47179 Dittfeld- 79
Wiebking Angela
47057 Sternbuschweg 212
Wiebold Eva 47138 Gelderblom- 73
– Heinz 47169 Röttgersbach- 106
– Ingeborg 47169 Röttgersbach- 106
Wiebold Oswald
47119 Amtsgerichts- 37
Wieboriess Ashraf 47269 Weißdorn- 15
– Bernd 47269 Weißdorn- 15
– Bernd 47169 Fahrner- 199
– Ingrid 47169 Fahrner- 199
– Peter 47169 Fahrner- 199
Wiebrock Edith 47169 Dahlmann- 42
Wiebus Angelika 47119 Karl- 63
– Annette 47167 Kaiser-Friedrich- 387
– Arno 47178 Kaiser- 328
– Arndt 47167 Kaiser-Friedrich- 387
– Arndt 47167 Kaiser-Friedrich- 387
– Bernd 47057 Wald- 49
– Brigitte 47167 Bernhard- 9
– Brunhilde 47139 Tal- 17
– Bruno 47166 Walther-Rathenau- 23
– Detlef 47139 An der Brauerei 29
– Edith 47198 Wilfried- 17
– Elisabeth 47178 Kaiser- 328
– Elke 47166 Bertha-von-Suttner- 37
– Friedhelm 47179 Jupiter- 3
– Georg 47179 Elper- 19
– Gertrud 47166 Walther-Rathenau- 23
– Hildegard 47169 Elsässer- 13
– Ingrid 47167 Kaiser-Friedrich- 387
– Jürgen 47119 Bergius- 16
– Lisbeth 47179 Jupiter- 3
– Manfred 47169 Wilfried- 17
– Maria 47169 Grillo- 38
– Maria 47169 Oder- 84
– Martha 47058 Blumenthal- 68
– Mechthild 47179 Prinzen- 57
– Norbert 47249 Togo- 62
– Rainer 47057 Neue Frucht- 4
– Rainer 47179 Prinzen- 57
– Roswitha 47259 Dauner- 52
– Ruth 47179 Elper- 19
– Thomas
47166 Bertha-von-Suttner- 37
– Tillmann 47259 Dauner- 52
– Volker 47169 Elsässer- 13
– Wilhelm 47169 Oder- 84
Wiebusch Brigitte 47059 Java- 27
– Elisabeth 47059 Essenberger- 231
– Hildegard 47057 Sternbuschweg 101
– Horst 47059 Java- 4
– Tessa 47226 Tillmann- 16
– Ulrich 47059 Butterweg 41
– Ursula 47166 Lessing- 30
– Volker 47228 Rotdornweg 7
– Werner 47059 Lilienthal- 38
Wiech Willi
47166 Norbertuskirchplatz 2
Wiecha Ewa
47167 Kaiser-Friedrich- 263a
– Thomas
47167 Kaiser-Friedrich- 263a
Wiechardt Christine
47259 Wartburg- 5
– Doris 47057 Hansegracht 10
Wiechec Anna 47228 Bergheimer- 14
– Jürgen 47228 Bergheimer- 14
Wiechell Susanne 47057 Lützow- 23
Wiechelt Horst-Peter
47057 Memel- 63
– Marita 47057 Memel- 63
Wiechers Andre 47269 Donau- 6
– Claus 47119 Friedrichsplatz 5
– Elke 47119 Friedrichsplatz 5
– Gisela 47053 Gau- 3
– Hans 47053 Grau- 20
– Heinz-Dieter 47167 Schlachthof- 15
– Melanie 47119 Friedrichsplatz 5
– Renate 47259 Dauner- 14
– Theresia 47249 Im Windhövel 8
Wiechers-Scherer Bettina
47259 Dauner- 14
Wiechert Albert
47239 Am Lohkamp 18
– Andrea
47166 Bertha-von-Suttner- 11
– Anja 47179 Friedrich-Ebert- 98
– Bernd 47178 Friedrich-Ebert- 98
– Brigitte 47239 Am Lohkamp 18
– Carola 47057 Klöckner- 238
– Elisabeth 47179 Theodor-Heuss- 275
– Elvira 47137 Nombericher- 28
– Frank 47279 Gravelotte- 39
– Franz 47179 Theodor-Heuss- 275
– Fritz 47138 Dennewitz- 24
– Gabriele 47179 Schiller- 45
– Gerd-Rüdiger 47119 Spaten- 1
– Günter 47053 Musfeld- 161
– Hans-Wilhelm 47179 Schiller- 45
– Helke 47178 Herzog- 49
– Heinz 47226 Atrozer- 94
– Heinz 47137 Nombericher- 28
– Helga 47179 Schiller- 45
– Hermann 47198 Rheinanlagen 11a
– Hertha 47198 Rheinanlagen 11a
– Hildegard 47226 Margarethen- 10
– Horst 47179 Horst- 9
– Horst 47179 Horst- 104
– Ingo 47169 Sassen- 66
– Joachim 47229 Erlinghagenplatz 4a
– Jutta 47179 Goethe- 37
– Kurt 47057 Memel- 18
– Manfred 47178 Herzog- 49
– Margret 47226 Margarethen- 10
– Marlies 47178 Herzog- 49
– Martina 47057 Heinrich-Lersch- 28
– Peter 47178 Marienburger- 6
– Thomas
47166 Bertha-von-Suttner- 11
– Thomas 47057 Klöckner- 238
– Ursula 47057 Klöckner- 238
– Volker 47057 Heinrich-Lersch- 28
Wiechmann Claudia
47229 Kronprinzen- 29
– Claudia 47051 Pulverweg 56
– Eitel 47226 Ferdinand- 21a
– Elisabeth 47057 Kolonie- 127
– Frank 47166 Edith- 9
– Gabriele 47058 Moltke- 48
– Heinrich 47058 Moltke- 48
– Hermann 47198 Heinrich- 13
– Kriemhild 47166 Kaiser-Wilhelm- 62
– Marianne 47228 Schmiede- 20
– Nicole 47166 Edith- 9
– Roland 47051 Pulverweg 56
Einwohner ● Namen-Teil
A-DU	Firmen, Gewerbebetriebe usw. nach Namen – siehe gelber Teil
